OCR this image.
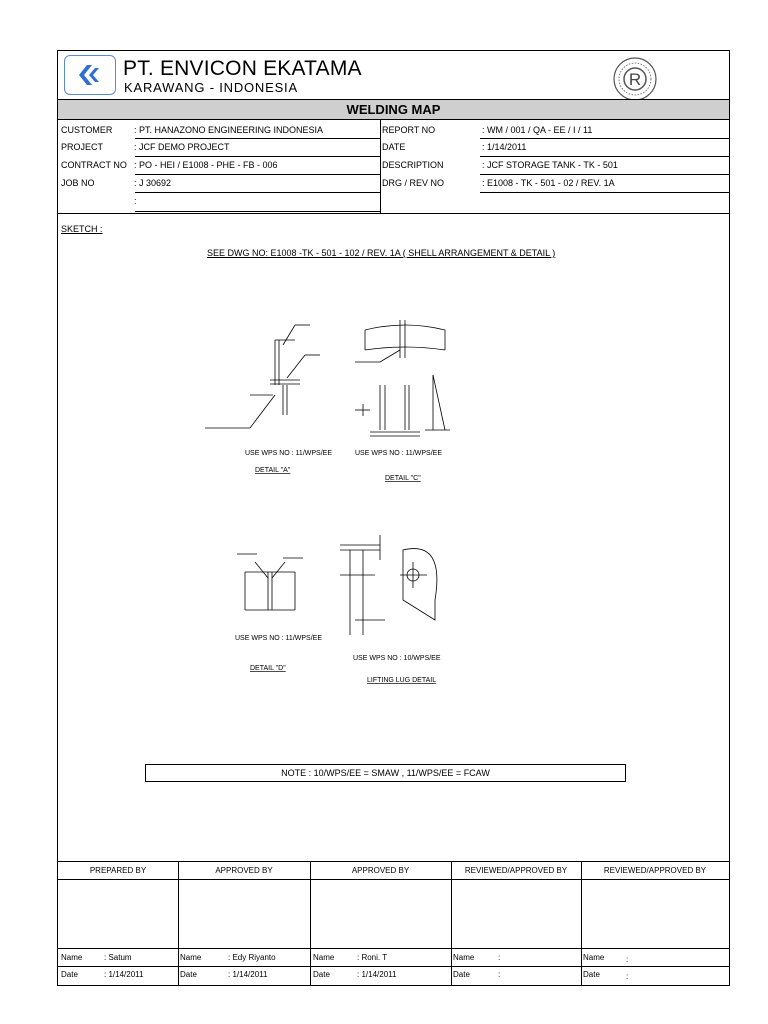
PT. ENVICON EKATAMA
KARAWANG - INDONESIA	R
WELDING MAP
CUSTOMER : PT. HANAZONO ENGINEERING INDONESIA
PROJECT	: JCF DEMO PROJECT
CONTRACT NO : PO - HEI / E1008 - PHE - FB - 006
JOB NO	: J 30692
:
REPORT NO	: WM / 001 / QA - EE / I / 11
DATE	: 1/14/2011
DESCRIPTION	: JCF STORAGE TANK - TK - 501
DRG / REV NO	: E1008 - TK - 501 - 02 / REV. 1A
SKETCH :
SEE DWG NO: E1008 -TK - 501 - 102 / REV. 1A ( SHELL ARRANGEMENT & DETAIL )
USE WPS NO : 11/WPS/EE
DETAIL "A"
USE WPS NO : 11/WPS/EE
DETAIL "C"
USE WPS NO : 11/WPS/EE
DETAIL "D"
USE WPS NO : 10/WPS/EE
LIFTING LUG DETAIL
NOTE : 10/WPS/EE = SMAW , 11/WPS/EE = FCAW
PREPARED BY	APPROVED BY	APPROVED BY	REVIEWED/APPROVED BY	REVIEWED/APPROVED BY
Name	: Satum	Name	: Edy Riyanto	Name	: Roni. T	Name	:	Name	:
Date	: 1/14/2011	Date	: 1/14/2011	Date	: 1/14/2011	Date	:	Date	:
